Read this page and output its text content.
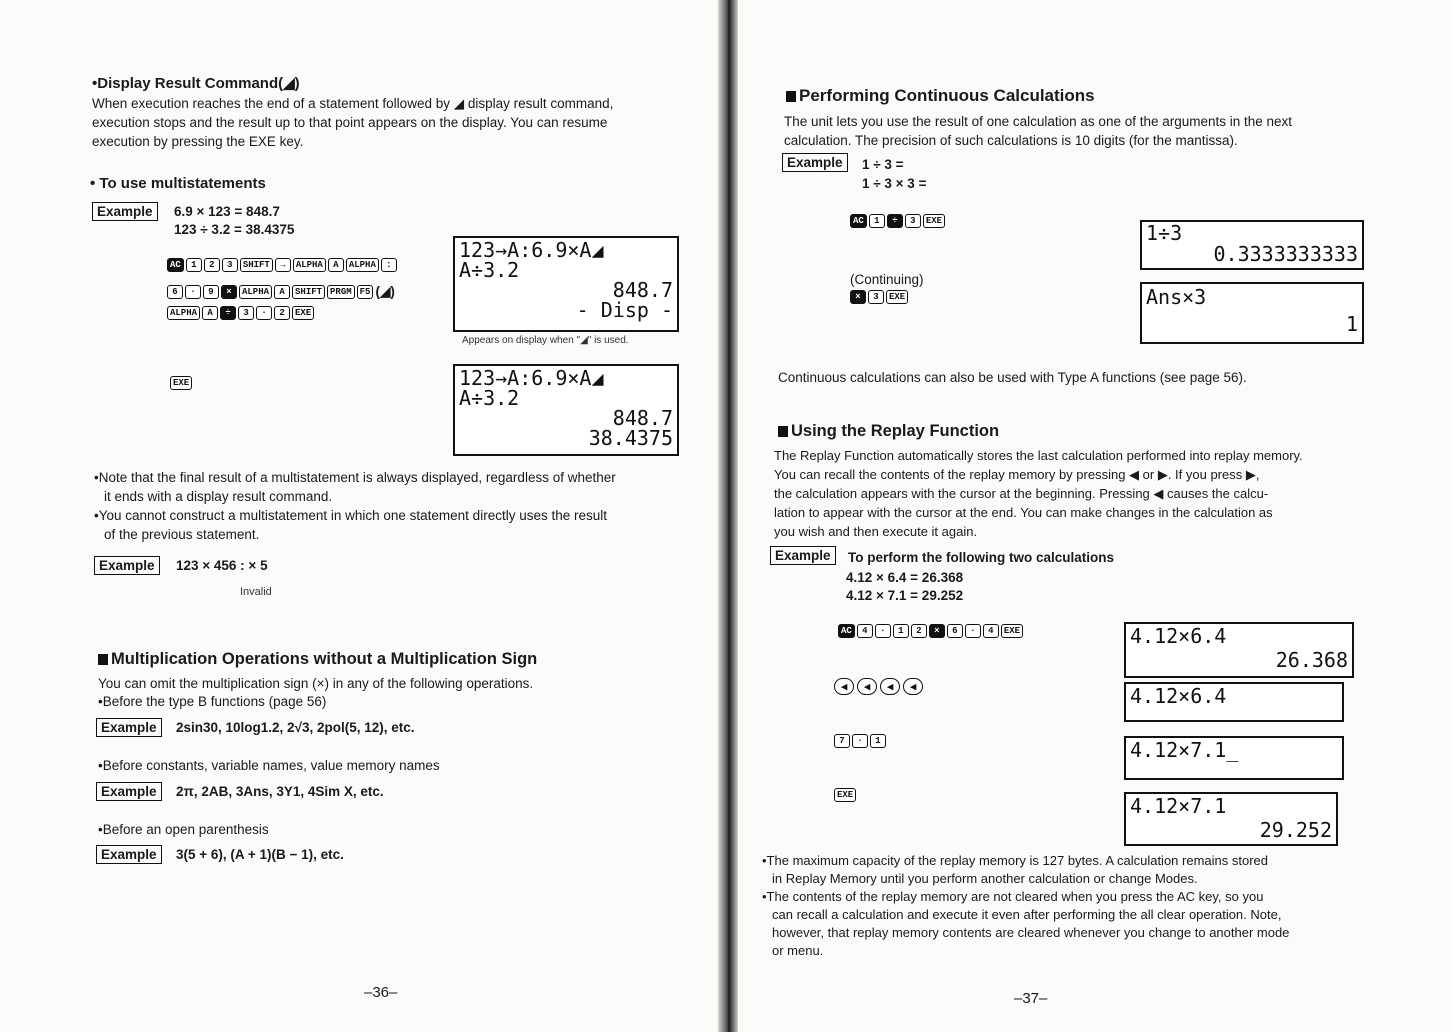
•Display Result Command(◢)
When execution reaches the end of a statement followed by ◢ display result command,
execution stops and the result up to that point appears on the display. You can resume
execution by pressing the EXE key.
• To use multistatements
Example	6.9 × 123 = 848.7
123 ÷ 3.2 = 38.4375
AC	1	2	3	SHIFT	→	ALPHA	A	ALPHA	:
6	·	9	×	ALPHA	A	SHIFT PRGM F5 (◢)
ALPHA	A	÷	3	·	2	EXE
123→A:6.9×A◢
A÷3.2
848.7
- Disp -
Appears on display when "◢" is used.
EXE	123→A:6.9×A◢
A÷3.2
848.7
38.4375
•Note that the final result of a multistatement is always displayed, regardless of whether
it ends with a display result command.
•You cannot construct a multistatement in which one statement directly uses the result
of the previous statement.
Example	123 × 456 : × 5
Invalid
Multiplication Operations without a Multiplication Sign
You can omit the multiplication sign (×) in any of the following operations.
•Before the type B functions (page 56)
Example	2sin30, 10log1.2, 2√3, 2pol(5, 12), etc.
•Before constants, variable names, value memory names
Example	2π, 2AB, 3Ans, 3Y1, 4Sim X, etc.
•Before an open parenthesis
Example	3(5 + 6), (A + 1)(B − 1), etc.
–36–
Performing Continuous Calculations
The unit lets you use the result of one calculation as one of the arguments in the next
calculation. The precision of such calculations is 10 digits (for the mantissa).
Example	1 ÷ 3 =
1 ÷ 3 × 3 =
AC	1	÷	3	EXE	1÷3
0.3333333333
(Continuing)
×	3	EXE	Ans×3
1
Continuous calculations can also be used with Type A functions (see page 56).
Using the Replay Function
The Replay Function automatically stores the last calculation performed into replay memory.
You can recall the contents of the replay memory by pressing ◀ or ▶. If you press ▶,
the calculation appears with the cursor at the beginning. Pressing ◀ causes the calcu-
lation to appear with the cursor at the end. You can make changes in the calculation as
you wish and then execute it again.
Example	To perform the following two calculations
4.12 × 6.4 = 26.368
4.12 × 7.1 = 29.252
AC	4	·	1	2	×	6	·	4	EXE	4.12×6.4
26.368
◀	◀	◀	◀	4.12×6.4
7	·	1	4.12×7.1_
EXE	4.12×7.1
29.252
•The maximum capacity of the replay memory is 127 bytes. A calculation remains stored
in Replay Memory until you perform another calculation or change Modes.
•The contents of the replay memory are not cleared when you press the AC key, so you
can recall a calculation and execute it even after performing the all clear operation. Note,
however, that replay memory contents are cleared whenever you change to another mode
or menu.
–37–
